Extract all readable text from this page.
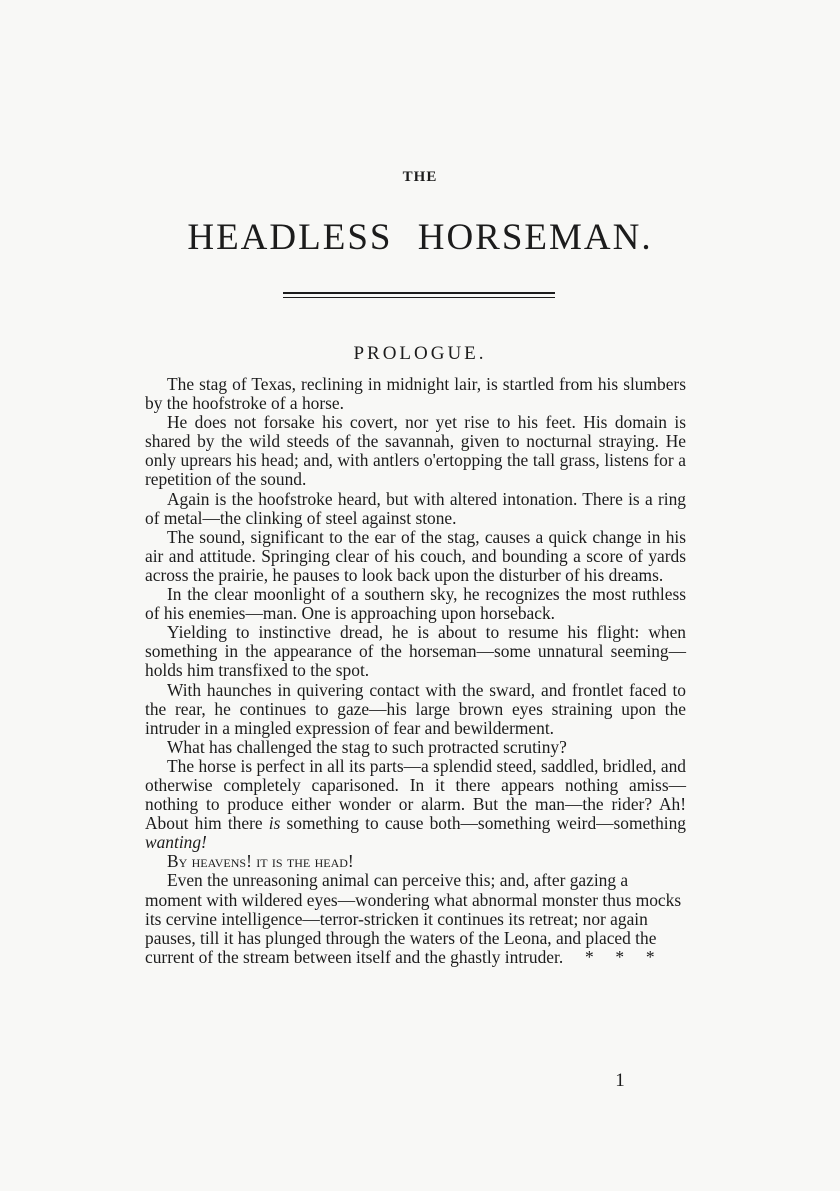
THE
HEADLESS HORSEMAN.
PROLOGUE.

The stag of Texas, reclining in midnight lair, is startled from his slumbers by the hoofstroke of a horse.

He does not forsake his covert, nor yet rise to his feet. His domain is shared by the wild steeds of the savannah, given to nocturnal straying. He only uprears his head; and, with antlers o'ertopping the tall grass, listens for a repetition of the sound.

Again is the hoofstroke heard, but with altered intonation. There is a ring of metal—the clinking of steel against stone.

The sound, significant to the ear of the stag, causes a quick change in his air and attitude. Springing clear of his couch, and bounding a score of yards across the prairie, he pauses to look back upon the disturber of his dreams.

In the clear moonlight of a southern sky, he recognizes the most ruthless of his enemies—man. One is approaching upon horseback.

Yielding to instinctive dread, he is about to resume his flight: when something in the appearance of the horseman—some unnatural seeming—holds him transfixed to the spot.

With haunches in quivering contact with the sward, and frontlet faced to the rear, he continues to gaze—his large brown eyes straining upon the intruder in a mingled expression of fear and bewilderment.

What has challenged the stag to such protracted scrutiny?

The horse is perfect in all its parts—a splendid steed, saddled, bridled, and otherwise completely caparisoned. In it there appears nothing amiss—nothing to produce either wonder or alarm. But the man—the rider? Ah! About him there is something to cause both—something weird—something wanting!

By heavens! it is the head!

Even the unreasoning animal can perceive this; and, after gazing a moment with wildered eyes—wondering what abnormal monster thus mocks its cervine intelligence—terror-stricken it continues its retreat; nor again pauses, till it has plunged through the waters of the Leona, and placed the current of the stream between itself and the ghastly intruder. *     *     *

1
